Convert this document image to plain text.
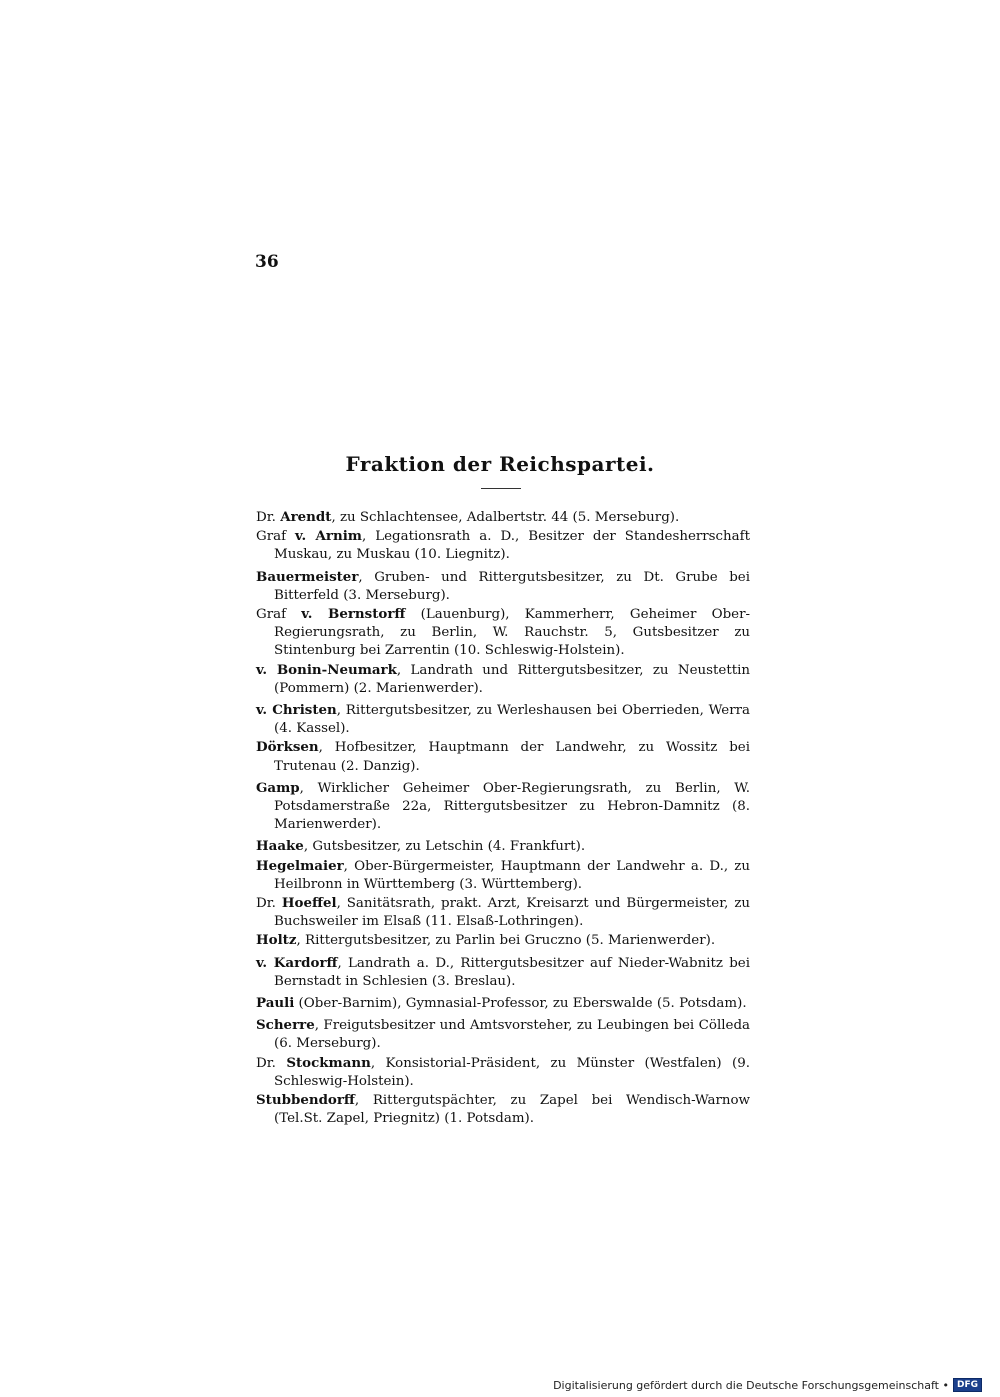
36
Fraktion der Reichspartei.

Dr. Arendt, zu Schlachtensee, Adalbertstr. 44 (5. Merseburg).

Graf v. Arnim, Legationsrath a. D., Besitzer der Standesherrschaft Muskau, zu Muskau (10. Liegnitz).

Bauermeister, Gruben- und Rittergutsbesitzer, zu Dt. Grube bei Bitterfeld (3. Merseburg).

Graf v. Bernstorff (Lauenburg), Kammerherr, Geheimer Ober-Regierungsrath, zu Berlin, W. Rauchstr. 5, Gutsbesitzer zu Stintenburg bei Zarrentin (10. Schleswig-Holstein).

v. Bonin-Neumark, Landrath und Rittergutsbesitzer, zu Neustettin (Pommern) (2. Marienwerder).

v. Christen, Rittergutsbesitzer, zu Werleshausen bei Oberrieden, Werra (4. Kassel).

Dörksen, Hofbesitzer, Hauptmann der Landwehr, zu Wossitz bei Trutenau (2. Danzig).

Gamp, Wirklicher Geheimer Ober-Regierungsrath, zu Berlin, W. Potsdamerstraße 22a, Rittergutsbesitzer zu Hebron-Damnitz (8. Marienwerder).

Haake, Gutsbesitzer, zu Letschin (4. Frankfurt).

Hegelmaier, Ober-Bürgermeister, Hauptmann der Landwehr a. D., zu Heilbronn in Württemberg (3. Württemberg).

Dr. Hoeffel, Sanitätsrath, prakt. Arzt, Kreisarzt und Bürgermeister, zu Buchsweiler im Elsaß (11. Elsaß-Lothringen).

Holtz, Rittergutsbesitzer, zu Parlin bei Gruczno (5. Marienwerder).

v. Kardorff, Landrath a. D., Rittergutsbesitzer auf Nieder-Wabnitz bei Bernstadt in Schlesien (3. Breslau).

Pauli (Ober-Barnim), Gymnasial-Professor, zu Eberswalde (5. Potsdam).

Scherre, Freigutsbesitzer und Amtsvorsteher, zu Leubingen bei Cölleda (6. Merseburg).

Dr. Stockmann, Konsistorial-Präsident, zu Münster (Westfalen) (9. Schleswig-Holstein).

Stubbendorff, Rittergutspächter, zu Zapel bei Wendisch-Warnow (Tel.St. Zapel, Priegnitz) (1. Potsdam).

Digitalisierung gefördert durch die Deutsche Forschungsgemeinschaft • DFG
